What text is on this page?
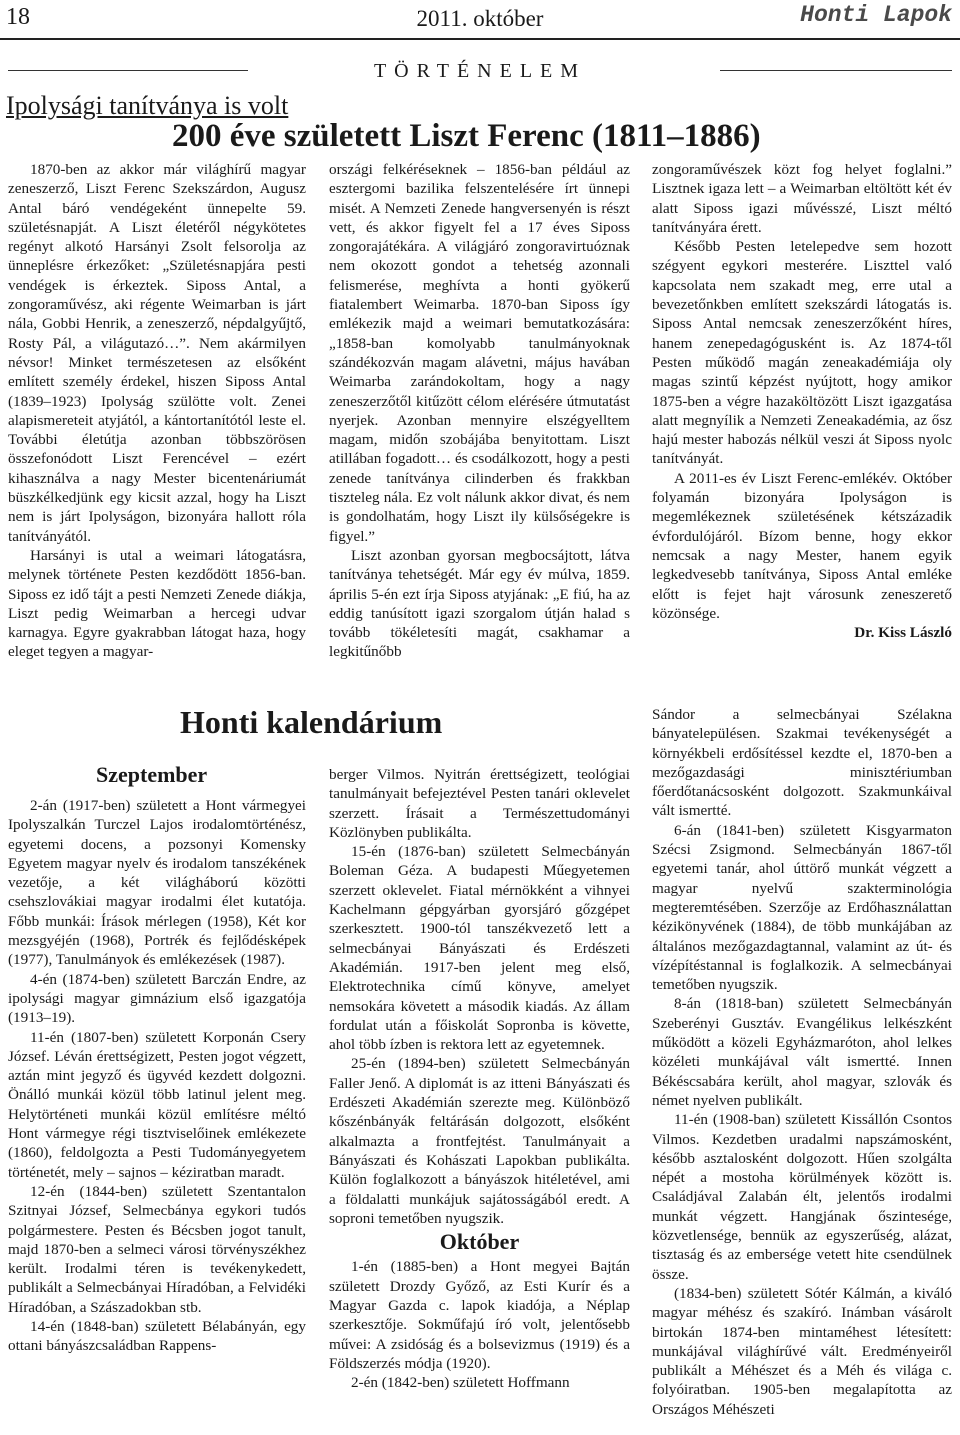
18	2011. október	Honti Lapok
TÖRTÉNELEM
Ipolysági tanítványa is volt
200 éve született Liszt Ferenc (1811–1886)

1870-ben az akkor már világhírű magyar zeneszerző, Liszt Ferenc Szekszárdon, Augusz Antal báró vendégeként ünnepelte 59. születésnapját. A Liszt életéről négykötetes regényt alkotó Harsányi Zsolt felsorolja az ünneplésre érkezőket: „Születésnapjára pesti vendégek is érkeztek. Siposs Antal, a zongoraművész, aki régente Weimarban is járt nála, Gobbi Henrik, a zeneszerző, népdalgyűjtő, Rosty Pál, a világutazó…”. Nem akármilyen névsor! Minket természetesen az elsőként említett személy érdekel, hiszen Siposs Antal (1839–1923) Ipolyság szülötte volt. Zenei alapismereteit atyjától, a kántortanítótól leste el. További életútja azonban többszörösen összefonódott Liszt Ferencével – ezért kihasználva a nagy Mester bicentenáriumát büszkélkedjünk egy kicsit azzal, hogy ha Liszt nem is járt Ipolyságon, bizonyára hallott róla tanítványától.

Harsányi is utal a weimari látogatásra, melynek története Pesten kezdődött 1856-ban. Siposs ez idő tájt a pesti Nemzeti Zenede diákja, Liszt pedig Weimarban a hercegi udvar karnagya. Egyre gyakrabban látogat haza, hogy eleget tegyen a magyar-

országi felkéréseknek – 1856-ban például az esztergomi bazilika felszentelésére írt ünnepi misét. A Nemzeti Zenede hangversenyén is részt vett, és akkor figyelt fel a 17 éves Siposs zongorajátékára. A világjáró zongoravirtuóznak nem okozott gondot a tehetség azonnali felismerése, meghívta a honti gyökerű fiatalembert Weimarba. 1870-ban Siposs így emlékezik majd a weimari bemutatkozására: „1858-ban komolyabb tanulmányoknak szándékozván magam alávetni, május havában Weimarba zarándokoltam, hogy a nagy zeneszerzőtől kitűzött célom elérésére útmutatást nyerjek. Azonban mennyire elszégyelltem magam, midőn szobájába benyitottam. Liszt atillában fogadott… és csodálkozott, hogy a pesti zenede tanítványa cilinderben és frakkban tiszteleg nála. Ez volt nálunk akkor divat, és nem is gondolhatám, hogy Liszt ily külsőségekre is figyel.”

Liszt azonban gyorsan megbocsájtott, látva tanítványa tehetségét. Már egy év múlva, 1859. április 5-én ezt írja Siposs atyjának: „E fiú, ha az eddig tanúsított igazi szorgalom útján halad s tovább tökéletesíti magát, csakhamar a legkitűnőbb

zongoraművészek közt fog helyet foglalni.” Lisztnek igaza lett – a Weimarban eltöltött két év alatt Siposs igazi művésszé, Liszt méltó tanítványára érett.

Később Pesten letelepedve sem hozott szégyent egykori mesterére. Liszttel való kapcsolata nem szakadt meg, erre utal a bevezetőnkben említett szekszárdi látogatás is. Siposs Antal nemcsak zeneszerzőként híres, hanem zenepedagógusként is. Az 1874-től Pesten működő magán zeneakadémiája oly magas szintű képzést nyújtott, hogy amikor 1875-ben a végre hazaköltözött Liszt igazgatása alatt megnyílik a Nemzeti Zeneakadémia, az ősz hajú mester habozás nélkül veszi át Siposs nyolc tanítványát.

A 2011-es év Liszt Ferenc-emlékév. Október folyamán bizonyára Ipolyságon is megemlékeznek születésének kétszázadik évfordulójáról. Bízom benne, hogy ekkor nemcsak a nagy Mester, hanem egyik legkedvesebb tanítványa, Siposs Antal emléke előtt is fejet hajt városunk zeneszerető közönsége.

Dr. Kiss László

Honti kalendárium
Szeptember

2-án (1917-ben) született a Hont vármegyei Ipolyszalkán Turczel Lajos irodalomtörténész, egyetemi docens, a pozsonyi Komensky Egyetem magyar nyelv és irodalom tanszékének vezetője, a két világháború közötti csehszlovákiai magyar irodalmi élet kutatója. Főbb munkái: Írások mérlegen (1958), Két kor mezsgyéjén (1968), Portrék és fejlődésképek (1977), Tanulmányok és emlékezések (1987).

4-én (1874-ben) született Barczán Endre, az ipolysági magyar gimnázium első igazgatója (1913–19).

11-én (1807-ben) született Korponán Csery József. Léván érettségizett, Pesten jogot végzett, aztán mint jegyző és ügyvéd kezdett dolgozni. Önálló munkái közül több latinul jelent meg. Helytörténeti munkái közül említésre méltó Hont vármegye régi tisztviselőinek emlékezete (1860), feldolgozta a Pesti Tudományegyetem történetét, mely – sajnos – kéziratban maradt.

12-én (1844-ben) született Szentantalon Szitnyai József, Selmecbánya egykori tudós polgármestere. Pesten és Bécsben jogot tanult, majd 1870-ben a selmeci városi törvényszékhez került. Irodalmi téren is tevékenykedett, publikált a Selmecbányai Híradóban, a Felvidéki Híradóban, a Szászadokban stb.

14-én (1848-ban) született Bélabányán, egy ottani bányászcsaládban Rappens-

berger Vilmos. Nyitrán érettségizett, teológiai tanulmányait befejeztével Pesten tanári oklevelet szerzett. Írásait a Természettudományi Közlönyben publikálta.

15-én (1876-ban) született Selmecbányán Boleman Géza. A budapesti Műegyetemen szerzett oklevelet. Fiatal mérnökként a vihnyei Kachelmann gépgyárban gyorsjáró gőzgépet szerkesztett. 1900-tól tanszékvezető lett a selmecbányai Bányászati és Erdészeti Akadémián. 1917-ben jelent meg első, Elektrotechnika című könyve, amelyet nemsokára követett a második kiadás. Az állam fordulat után a főiskolát Sopronba is követte, ahol több ízben is rektora lett az egyetemnek.

25-én (1894-ben) született Selmecbányán Faller Jenő. A diplomát is az itteni Bányászati és Erdészeti Akadémián szerezte meg. Különböző kőszénbányák feltárásán dolgozott, elsőként alkalmazta a frontfejtést. Tanulmányait a Bányászati és Kohászati Lapokban publikálta. Külön foglalkozott a bányászok hitéletével, ami a földalatti munkájuk sajátosságából eredt. A soproni temetőben nyugszik.

Október

1-én (1885-ben) a Hont megyei Bajtán született Drozdy Győző, az Esti Kurír és a Magyar Gazda c. lapok kiadója, a Néplap szerkesztője. Sokműfajú író volt, jelentősebb művei: A zsidóság és a bolsevizmus (1919) és a Földszerzés módja (1920).

2-én (1842-ben) született Hoffmann

Sándor a selmecbányai Szélakna bányatelepülésen. Szakmai tevékenységét a környékbeli erdősítéssel kezdte el, 1870-ben a mezőgazdasági minisztériumban főerdőtanácsosként dolgozott. Szakmunkáival vált ismertté.

6-án (1841-ben) született Kisgyarmaton Szécsi Zsigmond. Selmecbányán 1867-től egyetemi tanár, ahol úttörő munkát végzett a magyar nyelvű szakterminológia megteremtésében. Szerzője az Erdőhasználattan kézikönyvének (1884), de több munkájában az általános mezőgazdagtannal, valamint az út- és vízépítéstannal is foglalkozik. A selmecbányai temetőben nyugszik.

8-án (1818-ban) született Selmecbányán Szeberényi Gusztáv. Evangélikus lelkészként működött a közeli Egyházmaróton, ahol lelkes közéleti munkájával vált ismertté. Innen Békéscsabára került, ahol magyar, szlovák és német nyelven publikált.

11-én (1908-ban) született Kissállón Csontos Vilmos. Kezdetben uradalmi napszámosként, később asztalosként dolgozott. Hűen szolgálta népét a mostoha körülmények között is. Családjával Zalabán élt, jelentős irodalmi munkát végzett. Hangjának őszintesége, közvetlensége, bennük az egyszerűség, alázat, tisztaság és az embersége vetett hite csendülnek össze.

(1834-ben) született Sótér Kálmán, a kiváló magyar méhész és szakíró. Inámban vásárolt birtokán 1874-ben mintaméhest létesített: munkájával világhírűvé vált. Eredményeiről publikált a Méhészet és a Méh és világa c. folyóiratban. 1905-ben megalapította az Országos Méhészeti
